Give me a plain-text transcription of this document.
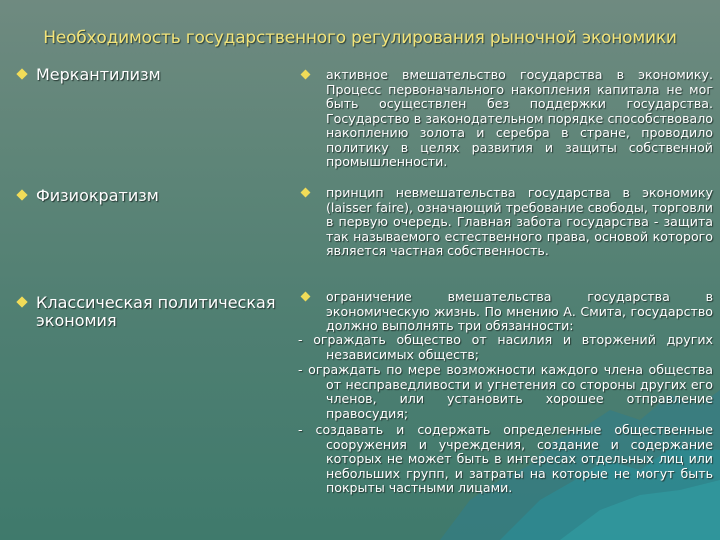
Необходимость государственного регулирования рыночной экономики
Меркантилизм
Физиократизм
Классическая политическая экономия
активное вмешательство государства в экономику. Процесс первоначального накопления капитала не мог быть осуществлен без поддержки государства. Государство в законодательном порядке способствовало накоплению золота и серебра в стране, проводило политику в целях развития и защиты собственной промышленности.
принцип невмешательства государства в экономику (laisser faire), означающий требование свободы, торговли в первую очередь. Главная забота государства - защита так называемого естественного права, основой которого является частная собственность.
ограничение вмешательства государства в экономическую жизнь. По мнению А. Смита, государство должно выполнять три обязанности:
- ограждать общество от насилия и вторжений других независимых обществ;
- ограждать по мере возможности каждого члена общества от несправедливости и угнетения со стороны других его членов, или установить хорошее отправление правосудия;
- создавать и содержать определенные общественные сооружения и учреждения, создание и содержание которых не может быть в интересах отдельных лиц или небольших групп, и затраты на которые не могут быть покрыты частными лицами.
